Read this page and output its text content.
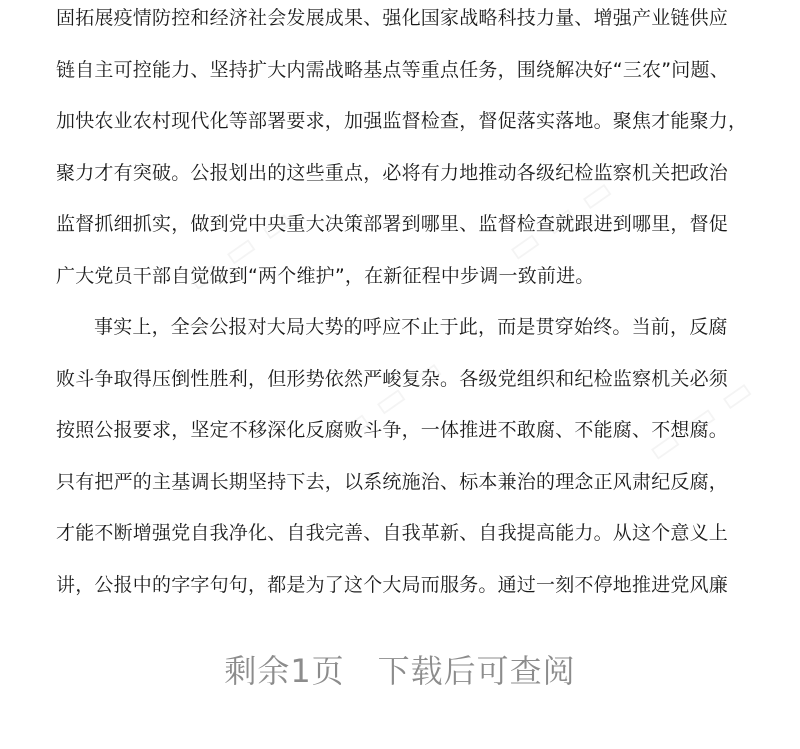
固拓展疫情防控和经济社会发展成果、强化国家战略科技力量、增强产业链供应
链自主可控能力、坚持扩大内需战略基点等重点任务，围绕解决好“三农”问题、
加快农业农村现代化等部署要求，加强监督检查，督促落实落地。聚焦才能聚力，
聚力才有突破。公报划出的这些重点，必将有力地推动各级纪检监察机关把政治
监督抓细抓实，做到党中央重大决策部署到哪里、监督检查就跟进到哪里，督促
广大党员干部自觉做到“两个维护”，在新征程中步调一致前进。
事实上，全会公报对大局大势的呼应不止于此，而是贯穿始终。当前，反腐
败斗争取得压倒性胜利，但形势依然严峻复杂。各级党组织和纪检监察机关必须
按照公报要求，坚定不移深化反腐败斗争，一体推进不敢腐、不能腐、不想腐。
只有把严的主基调长期坚持下去，以系统施治、标本兼治的理念正风肃纪反腐，
才能不断增强党自我净化、自我完善、自我革新、自我提高能力。从这个意义上
讲，公报中的字字句句，都是为了这个大局而服务。通过一刻不停地推进党风廉
剩余1页　下载后可查阅
